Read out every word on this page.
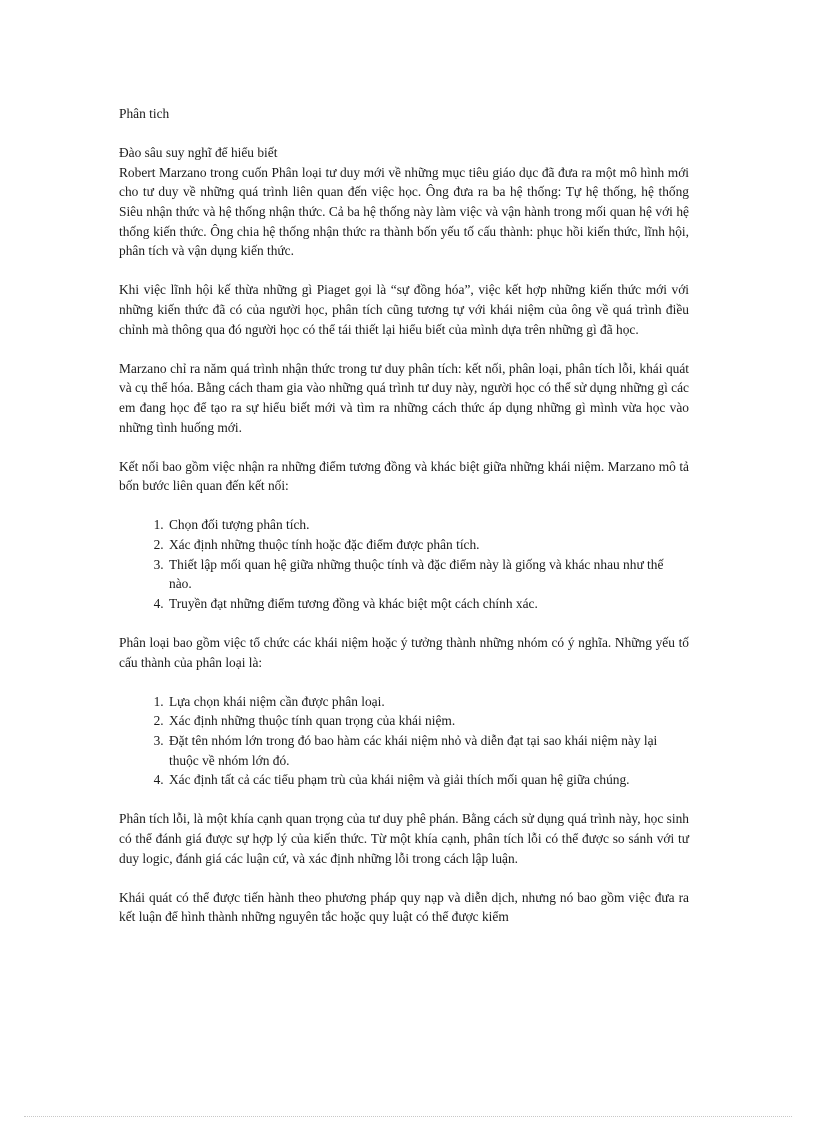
Phân tich

Đào sâu suy nghĩ để hiểu biết

Robert Marzano trong cuốn Phân loại tư duy mới về những mục tiêu giáo dục đã đưa ra một mô hình mới cho tư duy về những quá trình liên quan đến việc học. Ông đưa ra ba hệ thống: Tự hệ thống, hệ thống Siêu nhận thức và hệ thống nhận thức. Cả ba hệ thống này làm việc và vận hành trong mối quan hệ với hệ thống kiến thức. Ông chia hệ thống nhận thức ra thành bốn yếu tố cấu thành: phục hồi kiến thức, lĩnh hội, phân tích và vận dụng kiến thức.

Khi việc lĩnh hội kế thừa những gì Piaget gọi là “sự đồng hóa”, việc kết hợp những kiến thức mới với những kiến thức đã có của người học, phân tích cũng tương tự với khái niệm của ông về quá trình điều chỉnh mà thông qua đó người học có thể tái thiết lại hiểu biết của mình dựa trên những gì đã học.

Marzano chỉ ra năm quá trình nhận thức trong tư duy phân tích: kết nối, phân loại, phân tích lỗi, khái quát và cụ thể hóa. Bằng cách tham gia vào những quá trình tư duy này, người học có thể sử dụng những gì các em đang học để tạo ra sự hiểu biết mới và tìm ra những cách thức áp dụng những gì mình vừa học vào những tình huống mới.

Kết nối bao gồm việc nhận ra những điểm tương đồng và khác biệt giữa những khái niệm. Marzano mô tả bốn bước liên quan đến kết nối:

1. Chọn đối tượng phân tích.
2. Xác định những thuộc tính hoặc đặc điểm được phân tích.
3. Thiết lập mối quan hệ giữa những thuộc tính và đặc điểm này là giống và khác nhau như thế nào.
4. Truyền đạt những điểm tương đồng và khác biệt một cách chính xác.

Phân loại bao gồm việc tổ chức các khái niệm hoặc ý tưởng thành những nhóm có ý nghĩa. Những yếu tố cấu thành của phân loại là:

1. Lựa chọn khái niệm cần được phân loại.
2. Xác định những thuộc tính quan trọng của khái niệm.
3. Đặt tên nhóm lớn trong đó bao hàm các khái niệm nhỏ và diễn đạt tại sao khái niệm này lại thuộc về nhóm lớn đó.
4. Xác định tất cả các tiểu phạm trù của khái niệm và giải thích mối quan hệ giữa chúng.

Phân tích lỗi, là một khía cạnh quan trọng của tư duy phê phán. Bằng cách sử dụng quá trình này, học sinh có thể đánh giá được sự hợp lý của kiến thức. Từ một khía cạnh, phân tích lỗi có thể được so sánh với tư duy logic, đánh giá các luận cứ, và xác định những lỗi trong cách lập luận.

Khái quát có thể được tiến hành theo phương pháp quy nạp và diễn dịch, nhưng nó bao gồm việc đưa ra kết luận để hình thành những nguyên tắc hoặc quy luật có thể được kiểm
